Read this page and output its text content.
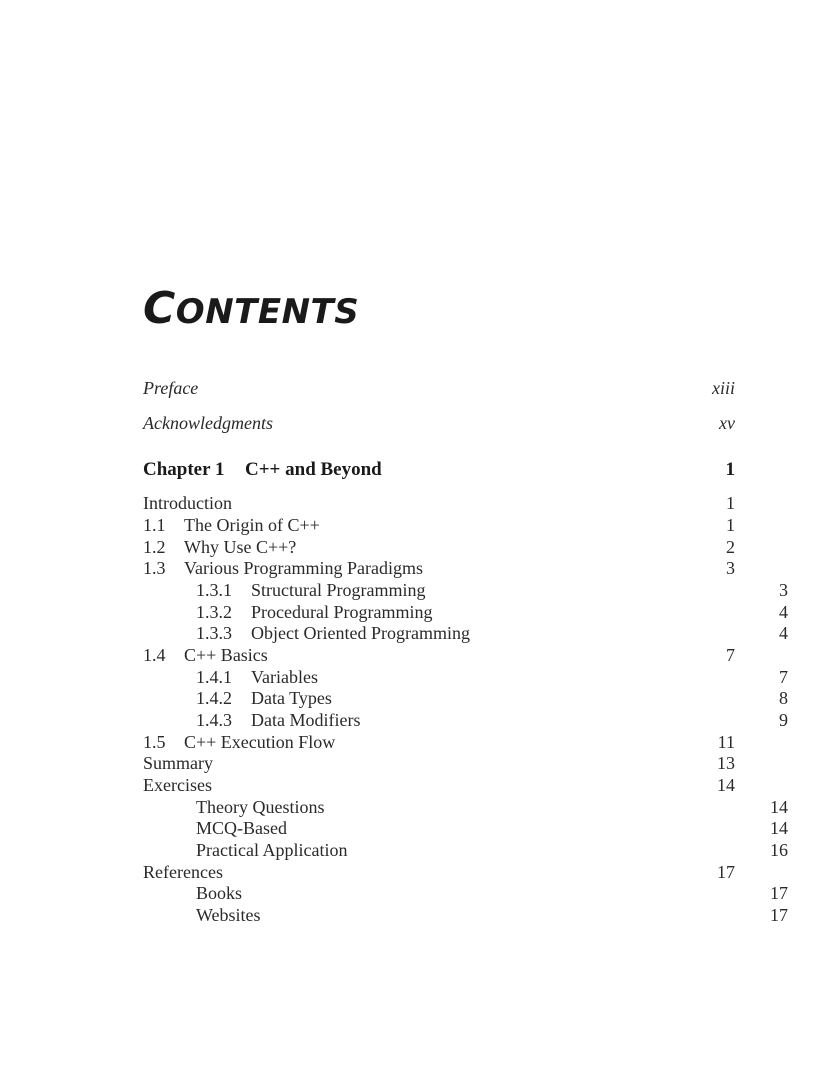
CONTENTS
Preface	xiii
Acknowledgments	xv
Chapter 1 C++ and Beyond	1
Introduction	1
1.1 The Origin of C++	1
1.2 Why Use C++?	2
1.3 Various Programming Paradigms	3
1.3.1 Structural Programming	3
1.3.2 Procedural Programming	4
1.3.3 Object Oriented Programming	4
1.4 C++ Basics	7
1.4.1 Variables	7
1.4.2 Data Types	8
1.4.3 Data Modifiers	9
1.5 C++ Execution Flow	11
Summary	13
Exercises	14
Theory Questions	14
MCQ-Based	14
Practical Application	16
References	17
Books	17
Websites	17
